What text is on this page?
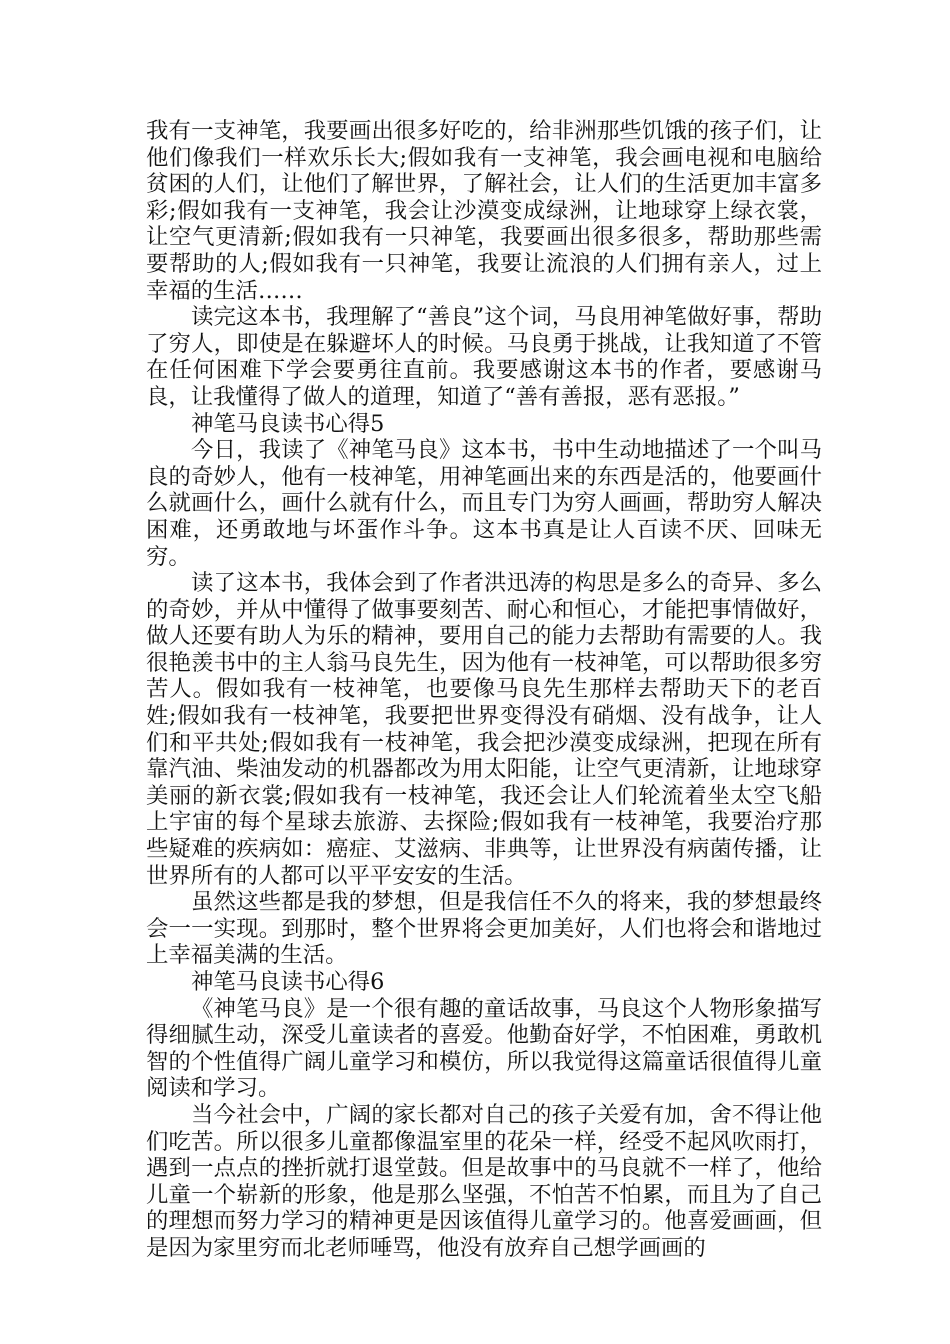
我有一支神笔，我要画出很多好吃的，给非洲那些饥饿的孩子们，让他们像我们一样欢乐长大;假如我有一支神笔，我会画电视和电脑给贫困的人们，让他们了解世界，了解社会，让人们的生活更加丰富多彩;假如我有一支神笔，我会让沙漠变成绿洲，让地球穿上绿衣裳，让空气更清新;假如我有一只神笔，我要画出很多很多，帮助那些需要帮助的人;假如我有一只神笔，我要让流浪的人们拥有亲人，过上幸福的生活……

读完这本书，我理解了“善良”这个词，马良用神笔做好事，帮助了穷人，即使是在躲避坏人的时候。马良勇于挑战，让我知道了不管在任何困难下学会要勇往直前。我要感谢这本书的作者，要感谢马良，让我懂得了做人的道理，知道了“善有善报，恶有恶报。”

神笔马良读书心得5

今日，我读了《神笔马良》这本书，书中生动地描述了一个叫马良的奇妙人，他有一枝神笔，用神笔画出来的东西是活的，他要画什么就画什么，画什么就有什么，而且专门为穷人画画，帮助穷人解决困难，还勇敢地与坏蛋作斗争。这本书真是让人百读不厌、回味无穷。

读了这本书，我体会到了作者洪迅涛的构思是多么的奇异、多么的奇妙，并从中懂得了做事要刻苦、耐心和恒心，才能把事情做好，做人还要有助人为乐的精神，要用自己的能力去帮助有需要的人。我很艳羡书中的主人翁马良先生，因为他有一枝神笔，可以帮助很多穷苦人。假如我有一枝神笔，也要像马良先生那样去帮助天下的老百姓;假如我有一枝神笔，我要把世界变得没有硝烟、没有战争，让人们和平共处;假如我有一枝神笔，我会把沙漠变成绿洲，把现在所有靠汽油、柴油发动的机器都改为用太阳能，让空气更清新，让地球穿美丽的新衣裳;假如我有一枝神笔，我还会让人们轮流着坐太空飞船上宇宙的每个星球去旅游、去探险;假如我有一枝神笔，我要治疗那些疑难的疾病如：癌症、艾滋病、非典等，让世界没有病菌传播，让世界所有的人都可以平平安安的生活。

虽然这些都是我的梦想，但是我信任不久的将来，我的梦想最终会一一实现。到那时，整个世界将会更加美好，人们也将会和谐地过上幸福美满的生活。

神笔马良读书心得6

《神笔马良》是一个很有趣的童话故事，马良这个人物形象描写得细腻生动，深受儿童读者的喜爱。他勤奋好学，不怕困难，勇敢机智的个性值得广阔儿童学习和模仿，所以我觉得这篇童话很值得儿童阅读和学习。

当今社会中，广阔的家长都对自己的孩子关爱有加，舍不得让他们吃苦。所以很多儿童都像温室里的花朵一样，经受不起风吹雨打，遇到一点点的挫折就打退堂鼓。但是故事中的马良就不一样了，他给儿童一个崭新的形象，他是那么坚强，不怕苦不怕累，而且为了自己的理想而努力学习的精神更是因该值得儿童学习的。他喜爱画画，但是因为家里穷而北老师唾骂，他没有放弃自己想学画画的
